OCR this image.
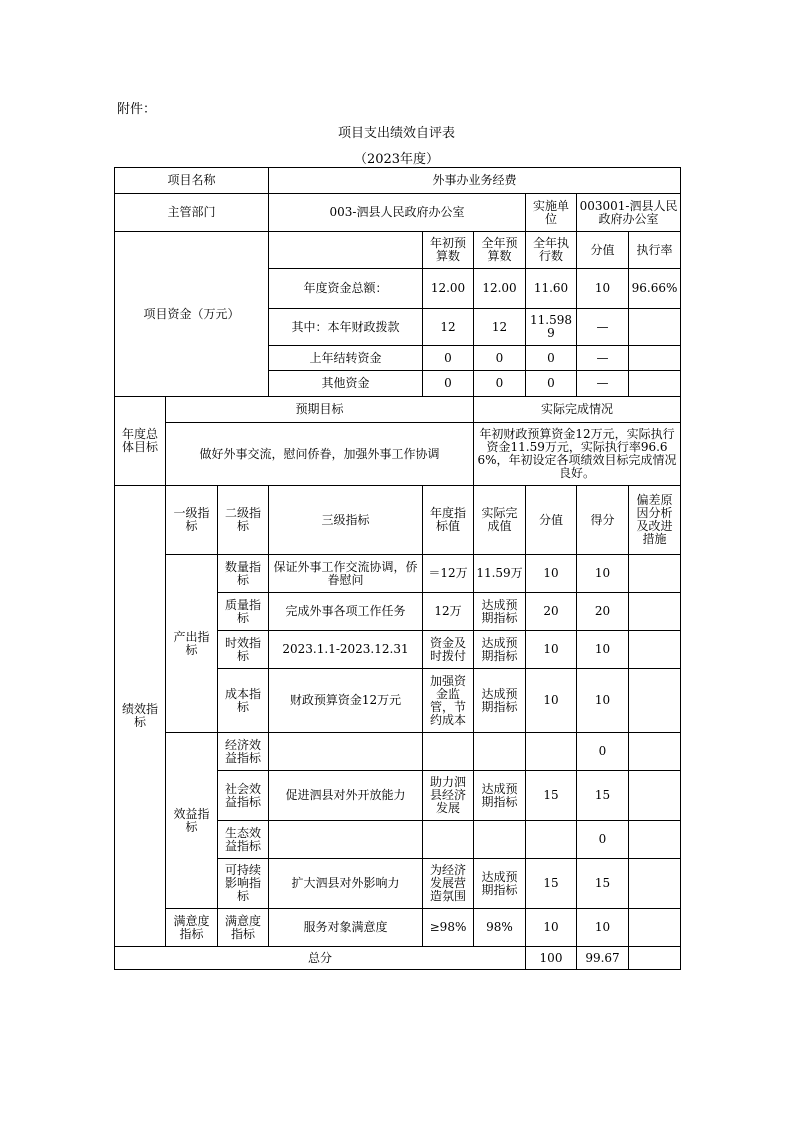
附件：
项目支出绩效自评表
（2023年度）
项目名称			外事办业务经费						
主管部门			003-泗县人民政府办公室			实施单位	003001-泗县人民政府办公室		
项目资金（万元）				年初预算数	全年预算数	全年执行数	分值	执行率	
			年度资金总额：	12.00	12.00	11.60	10	96.66%	
			其中：本年财政拨款	12	12	11.5989	—		
			上年结转资金	0	0	0	—		
			其他资金	0	0	0	—		
年度总体目标	预期目标				实际完成情况				
	做好外事交流，慰问侨眷，加强外事工作协调				年初财政预算资金12万元，实际执行资金11.59万元，实际执行率96.66%，年初设定各项绩效目标完成情况良好。				
绩效指标	一级指标	二级指标	三级指标	年度指标值	实际完成值	分值	得分	偏差原因分析及改进措施	
	产出指标	数量指标	保证外事工作交流协调，侨眷慰问	＝12万	11.59万	10	10		
		质量指标	完成外事各项工作任务	12万	达成预期指标	20	20		
		时效指标	2023.1.1-2023.12.31	资金及时拨付	达成预期指标	10	10		
		成本指标	财政预算资金12万元	加强资金监管，节约成本	达成预期指标	10	10		
	效益指标	经济效益指标					0		
		社会效益指标	促进泗县对外开放能力	助力泗县经济发展	达成预期指标	15	15		
		生态效益指标					0		
		可持续影响指标	扩大泗县对外影响力	为经济发展营造氛围	达成预期指标	15	15		
	满意度指标	满意度指标	服务对象满意度	≥98%	98%	10	10		
总分						100	99.67		
